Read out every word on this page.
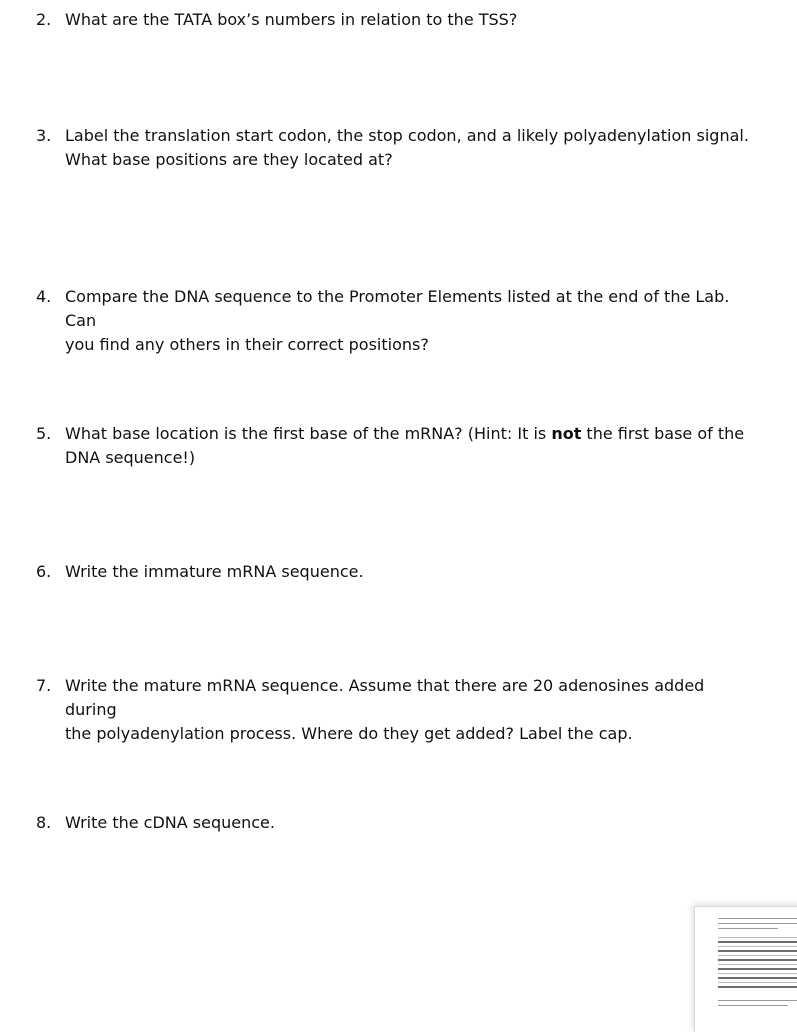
2. What are the TATA box’s numbers in relation to the TSS?
3. Label the translation start codon, the stop codon, and a likely polyadenylation signal.
What base positions are they located at?
4. Compare the DNA sequence to the Promoter Elements listed at the end of the Lab. Can
you find any others in their correct positions?
5. What base location is the first base of the mRNA? (Hint: It is not the first base of the
DNA sequence!)
6. Write the immature mRNA sequence.
7. Write the mature mRNA sequence. Assume that there are 20 adenosines added during
the polyadenylation process. Where do they get added? Label the cap.
8. Write the cDNA sequence.
